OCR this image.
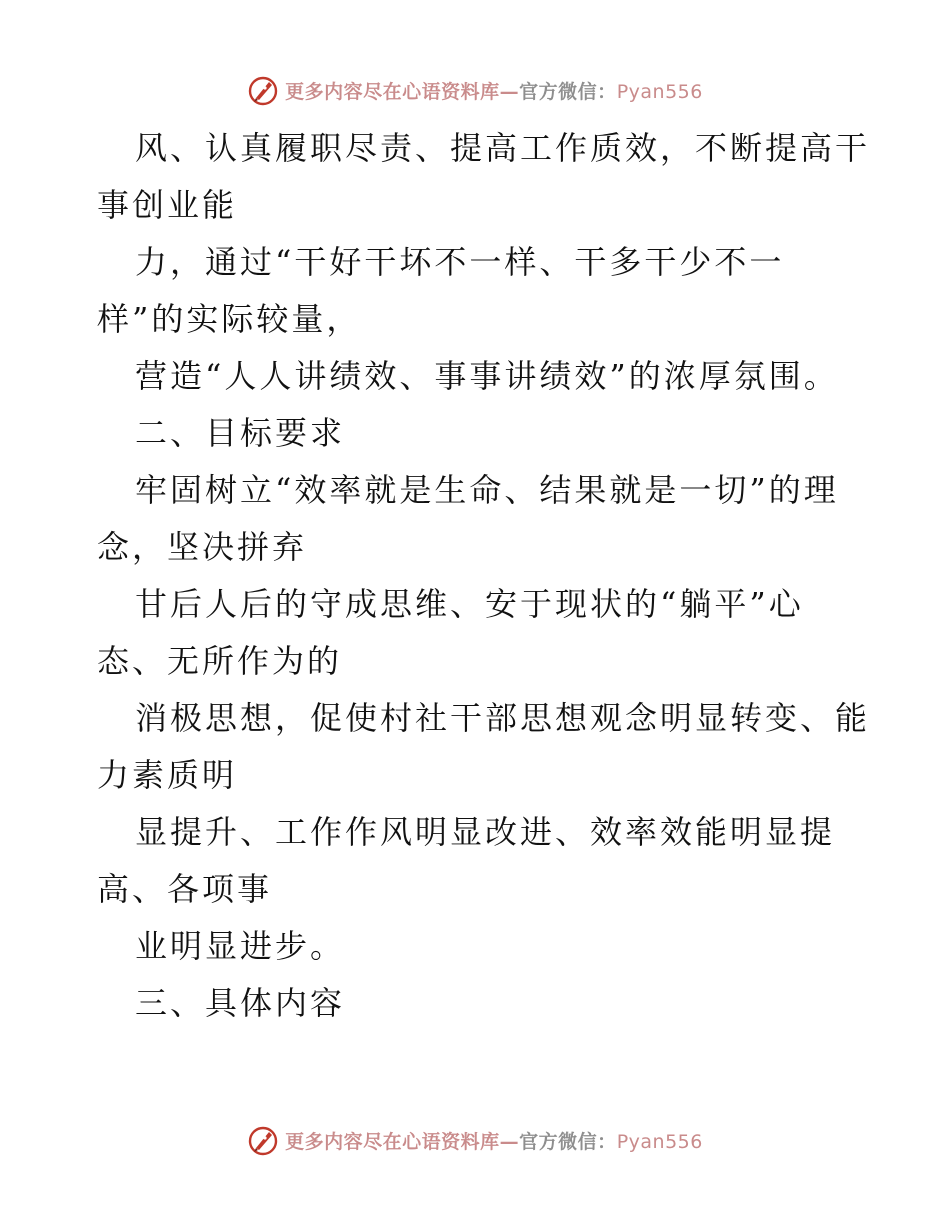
更多内容尽在心语资料库—官方微信：Pyan556
风、认真履职尽责、提高工作质效，不断提高干
事创业能
力，通过“干好干坏不一样、干多干少不一
样”的实际较量，
营造“人人讲绩效、事事讲绩效”的浓厚氛围。
二、目标要求
牢固树立“效率就是生命、结果就是一切”的理
念，坚决拼弃
甘后人后的守成思维、安于现状的“躺平”心
态、无所作为的
消极思想，促使村社干部思想观念明显转变、能
力素质明
显提升、工作作风明显改进、效率效能明显提
高、各项事
业明显进步。
三、具体内容
更多内容尽在心语资料库—官方微信：Pyan556
